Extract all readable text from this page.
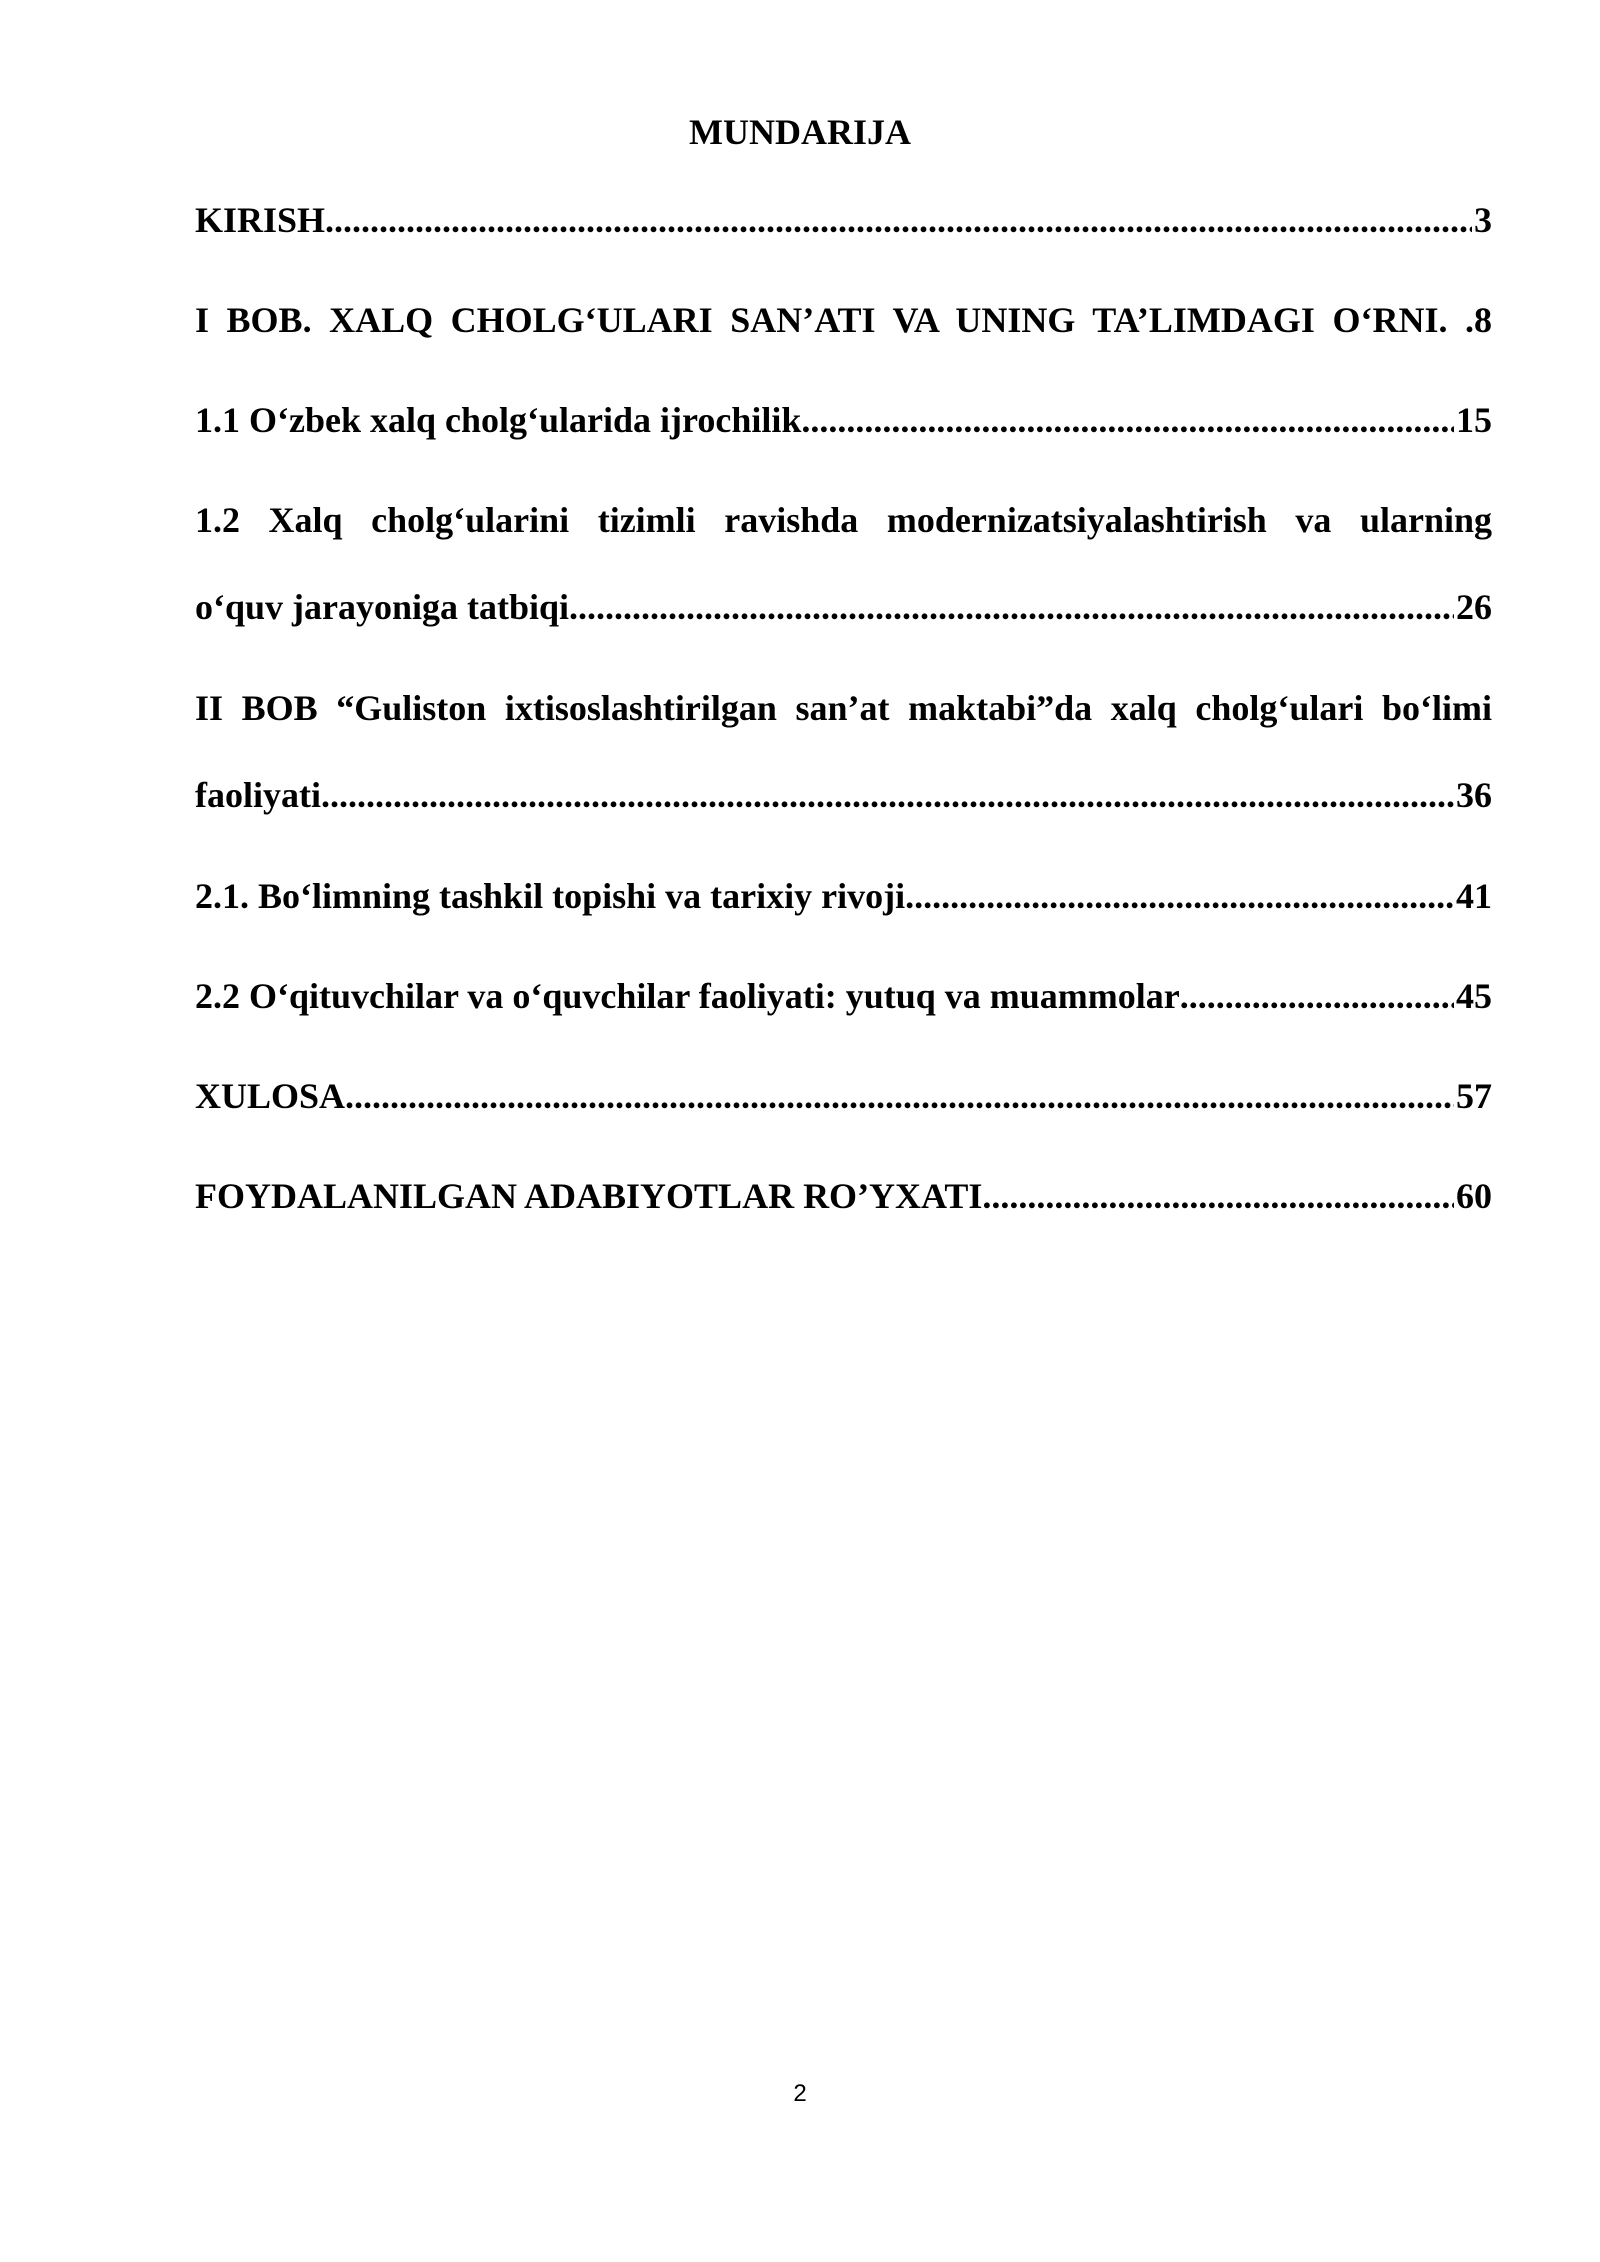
MUNDARIJA
KIRISH .....	3
I BOB. XALQ CHOLG‘ULARI SAN’ATI VA UNING TA’LIMDAGI O‘RNI. .8
1.1 O‘zbek xalq cholg‘ularida ijrochilik .....	15
1.2 Xalq cholg‘ularini tizimli ravishda modernizatsiyalashtirish va ularning
o‘quv jarayoniga tatbiqi .....	26
II BOB “Guliston ixtisoslashtirilgan san’at maktabi”da xalq cholg‘ulari bo‘limi
faoliyati .....	36
2.1. Bo‘limning tashkil topishi va tarixiy rivoji .....	41
2.2 O‘qituvchilar va o‘quvchilar faoliyati: yutuq va muammolar .....	45
XULOSA .....	57
FOYDALANILGAN ADABIYOTLAR RO’YXATI .....	60
2
